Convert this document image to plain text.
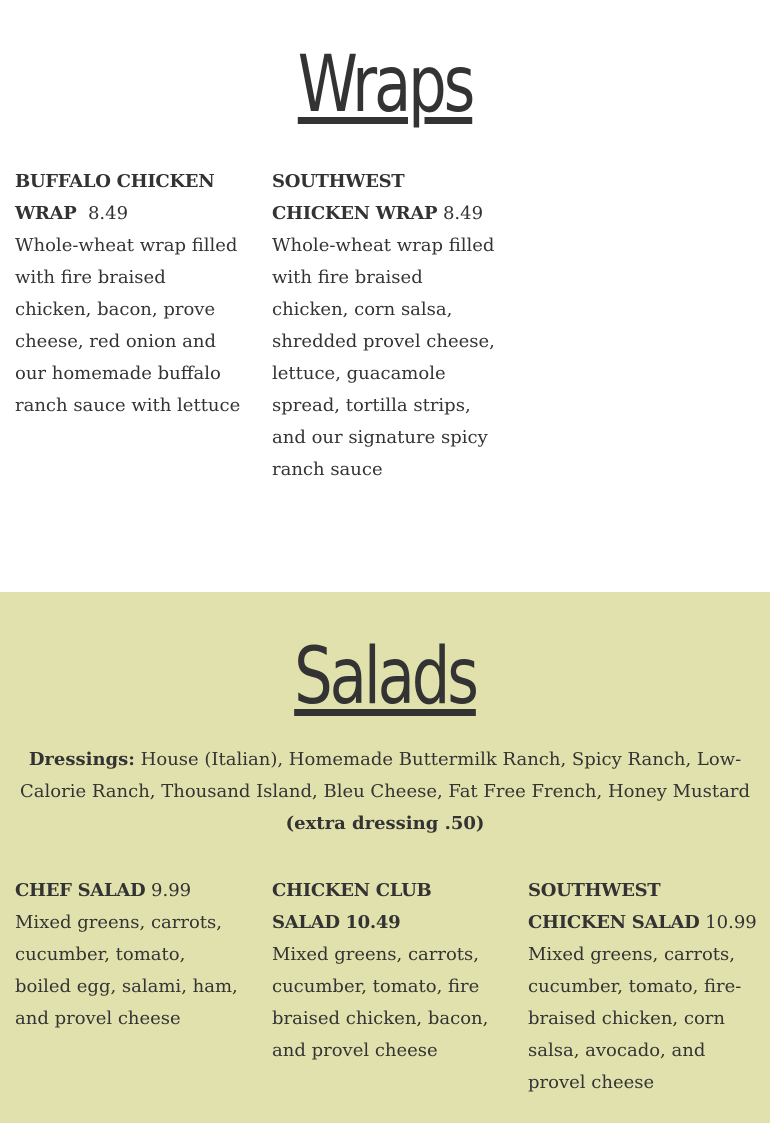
Wraps
BUFFALO CHICKEN WRAP 8.49
Whole-wheat wrap filled with fire braised chicken, bacon, prove cheese, red onion and our homemade buffalo ranch sauce with lettuce
SOUTHWEST CHICKEN WRAP 8.49
Whole-wheat wrap filled with fire braised chicken, corn salsa, shredded provel cheese, lettuce, guacamole spread, tortilla strips, and our signature spicy ranch sauce
Salads
Dressings: House (Italian), Homemade Buttermilk Ranch, Spicy Ranch, Low-Calorie Ranch, Thousand Island, Bleu Cheese, Fat Free French, Honey Mustard (extra dressing .50)
CHEF SALAD 9.99
Mixed greens, carrots, cucumber, tomato, boiled egg, salami, ham, and provel cheese
CHICKEN CLUB SALAD 10.49
Mixed greens, carrots, cucumber, tomato, fire braised chicken, bacon, and provel cheese
SOUTHWEST CHICKEN SALAD 10.99
Mixed greens, carrots, cucumber, tomato, fire-braised chicken, corn salsa, avocado, and provel cheese
